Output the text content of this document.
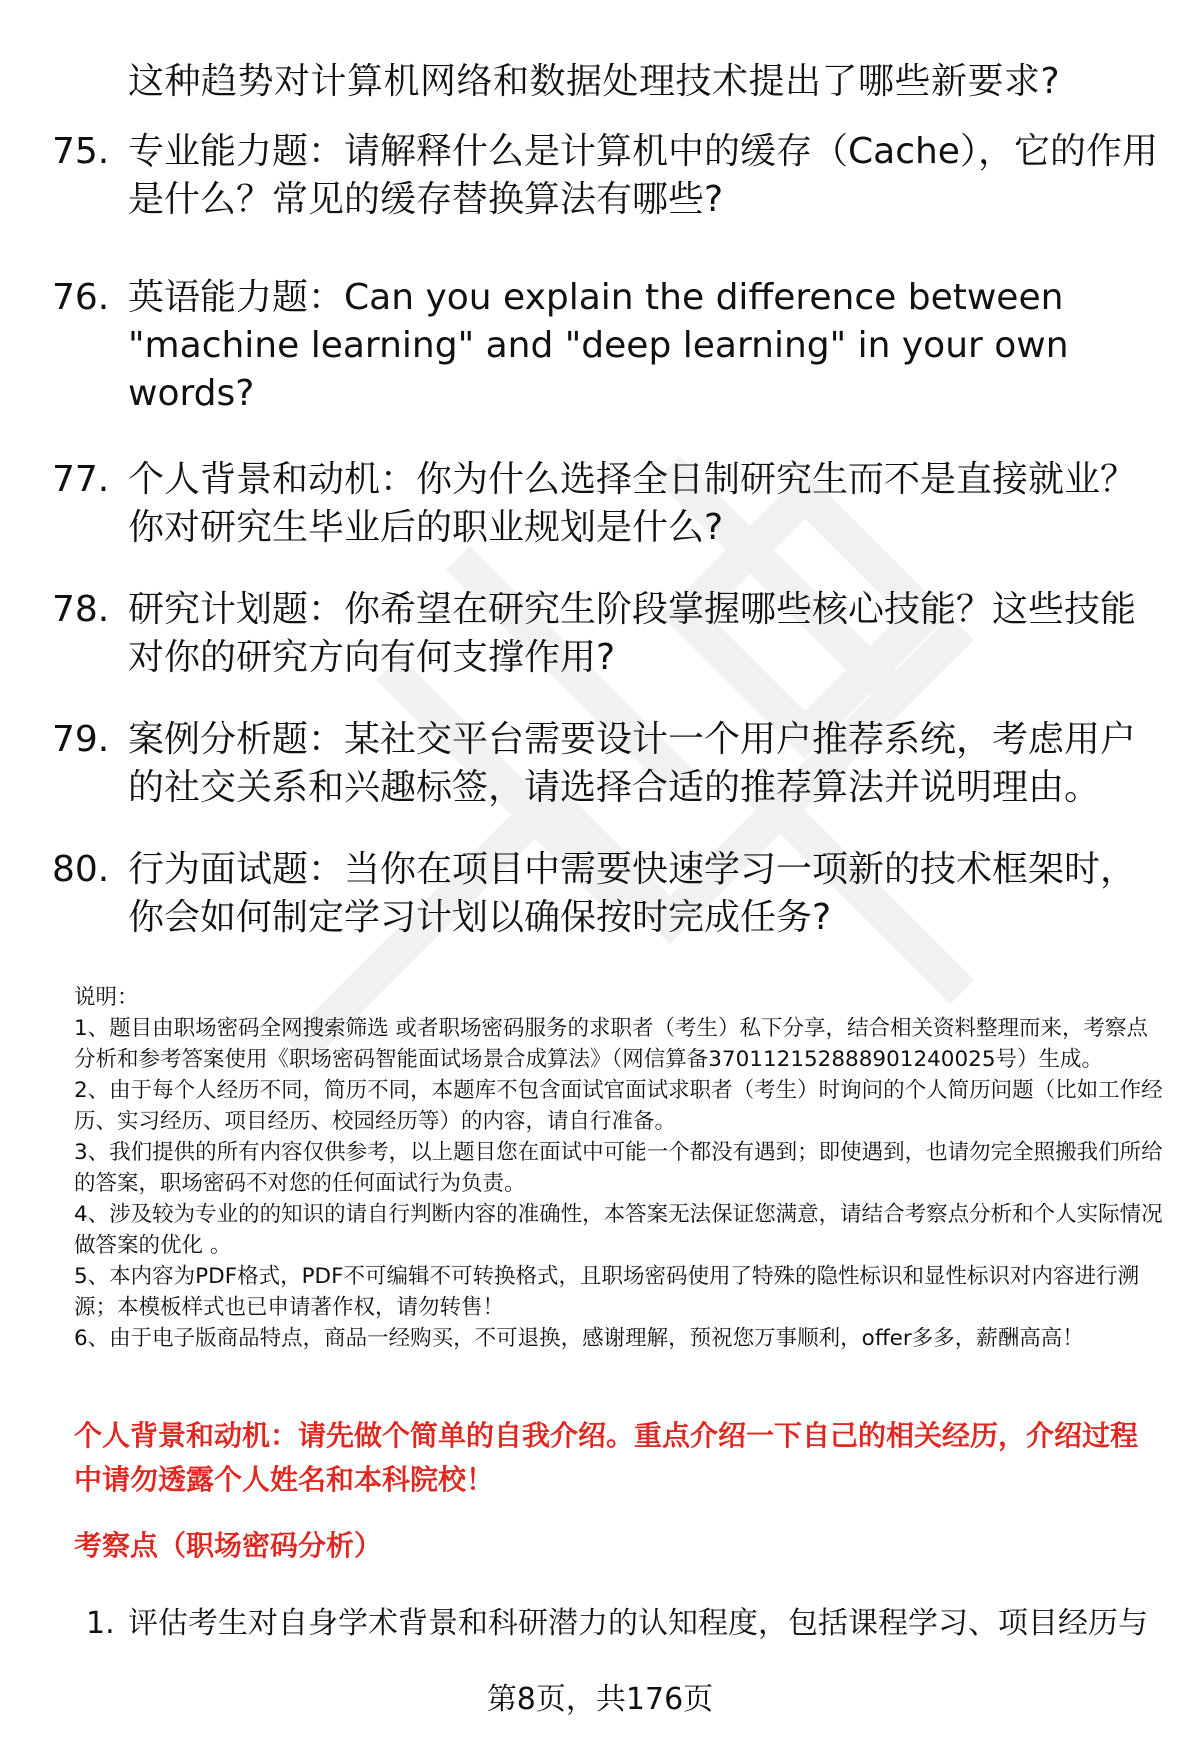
这种趋势对计算机网络和数据处理技术提出了哪些新要求?
75. 专业能力题：请解释什么是计算机中的缓存（Cache），它的作用是什么？常见的缓存替换算法有哪些?
76. 英语能力题：Can you explain the difference between "machine learning" and "deep learning" in your own words?
77. 个人背景和动机：你为什么选择全日制研究生而不是直接就业？你对研究生毕业后的职业规划是什么?
78. 研究计划题：你希望在研究生阶段掌握哪些核心技能？这些技能对你的研究方向有何支撑作用?
79. 案例分析题：某社交平台需要设计一个用户推荐系统，考虑用户的社交关系和兴趣标签，请选择合适的推荐算法并说明理由。
80. 行为面试题：当你在项目中需要快速学习一项新的技术框架时，你会如何制定学习计划以确保按时完成任务?

说明：

1、题目由职场密码全网搜索筛选 或者职场密码服务的求职者（考生）私下分享，结合相关资料整理而来，考察点分析和参考答案使用《职场密码智能面试场景合成算法》（网信算备370112152888901240025号）生成。

2、由于每个人经历不同，简历不同，本题库不包含面试官面试求职者（考生）时询问的个人简历问题（比如工作经历、实习经历、项目经历、校园经历等）的内容，请自行准备。

3、我们提供的所有内容仅供参考，以上题目您在面试中可能一个都没有遇到；即使遇到，也请勿完全照搬我们所给的答案，职场密码不对您的任何面试行为负责。

4、涉及较为专业的的知识的请自行判断内容的准确性，本答案无法保证您满意，请结合考察点分析和个人实际情况做答案的优化 。

5、本内容为PDF格式，PDF不可编辑不可转换格式，且职场密码使用了特殊的隐性标识和显性标识对内容进行溯源；本模板样式也已申请著作权，请勿转售！

6、由于电子版商品特点，商品一经购买，不可退换，感谢理解，预祝您万事顺利，offer多多，薪酬高高！

个人背景和动机：请先做个简单的自我介绍。重点介绍一下自己的相关经历，介绍过程中请勿透露个人姓名和本科院校！
考察点（职场密码分析）
1. 评估考生对自身学术背景和科研潜力的认知程度，包括课程学习、项目经历与
第8页，共176页
